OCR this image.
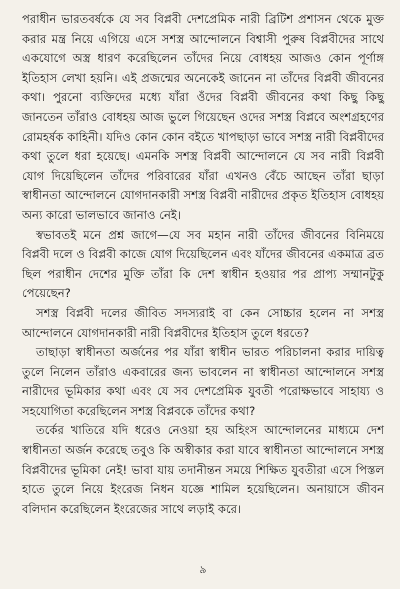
পরাধীন ভারতবর্ষকে যে সব বিপ্লবী দেশপ্রেমিক নারী ব্রিটিশ প্রশাসন থেকে মুক্ত করার মন্ত্র নিয়ে এগিয়ে এসে সশস্ত্র আন্দোলনে বিশ্বাসী পুরুষ বিপ্লবীদের সাথে একযোগে অস্ত্র ধারণ করেছিলেন তাঁদের নিয়ে বোধহয় আজও কোন পূর্ণাঙ্গ ইতিহাস লেখা হয়নি। এই প্রজন্মের অনেকেই জানেন না তাঁদের বিপ্লবী জীবনের কথা। পুরনো ব্যক্তিদের মধ্যে যাঁরা ওঁদের বিপ্লবী জীবনের কথা কিছু কিছু জানতেন তাঁরাও বোধহয় আজ ভুলে গিয়েছেন ওদের সশস্ত্র বিপ্লবে অংশগ্রহণের রোমহর্ষক কাহিনী। যদিও কোন কোন বইতে খাপছাড়া ভাবে সশস্ত্র নারী বিপ্লবীদের কথা তুলে ধরা হয়েছে। এমনকি সশস্ত্র বিপ্লবী আন্দোলনে যে সব নারী বিপ্লবী যোগ দিয়েছিলেন তাঁদের পরিবারের যাঁরা এখনও বেঁচে আছেন তাঁরা ছাড়া স্বাধীনতা আন্দোলনে যোগদানকারী সশস্ত্র বিপ্লবী নারীদের প্রকৃত ইতিহাস বোধহয় অন্য কারো ভালভাবে জানাও নেই।

স্বভাবতই মনে প্রশ্ন জাগে—যে সব মহান নারী তাঁদের জীবনের বিনিময়ে বিপ্লবী দলে ও বিপ্লবী কাজে যোগ দিয়েছিলেন এবং যাঁদের জীবনের একমাত্র ব্রত ছিল পরাধীন দেশের মুক্তি তাঁরা কি দেশ স্বাধীন হওয়ার পর প্রাপ্য সম্মানটুকু পেয়েছেন?

সশস্ত্র বিপ্লবী দলের জীবিত সদস্যরাই বা কেন সোচ্চার হলেন না সশস্ত্র আন্দোলনে যোগদানকারী নারী বিপ্লবীদের ইতিহাস তুলে ধরতে?

তাছাড়া স্বাধীনতা অর্জনের পর যাঁরা স্বাধীন ভারত পরিচালনা করার দায়িত্ব তুলে নিলেন তাঁরাও একবারের জন্য ভাবলেন না স্বাধীনতা আন্দোলনে সশস্ত্র নারীদের ভূমিকার কথা এবং যে সব দেশপ্রেমিক যুবতী পরোক্ষভাবে সাহায্য ও সহযোগিতা করেছিলেন সশস্ত্র বিপ্লবকে তাঁদের কথা?

তর্কের খাতিরে যদি ধরেও নেওয়া হয় অহিংস আন্দোলনের মাধ্যমে দেশ স্বাধীনতা অর্জন করেছে তবুও কি অস্বীকার করা যাবে স্বাধীনতা আন্দোলনে সশস্ত্র বিপ্লবীদের ভূমিকা নেই! ভাবা যায় তদানীন্তন সময়ে শিক্ষিত যুবতীরা এসে পিস্তল হাতে তুলে নিয়ে ইংরেজ নিধন যজ্ঞে শামিল হয়েছিলেন। অনায়াসে জীবন বলিদান করেছিলেন ইংরেজের সাথে লড়াই করে।

৯
